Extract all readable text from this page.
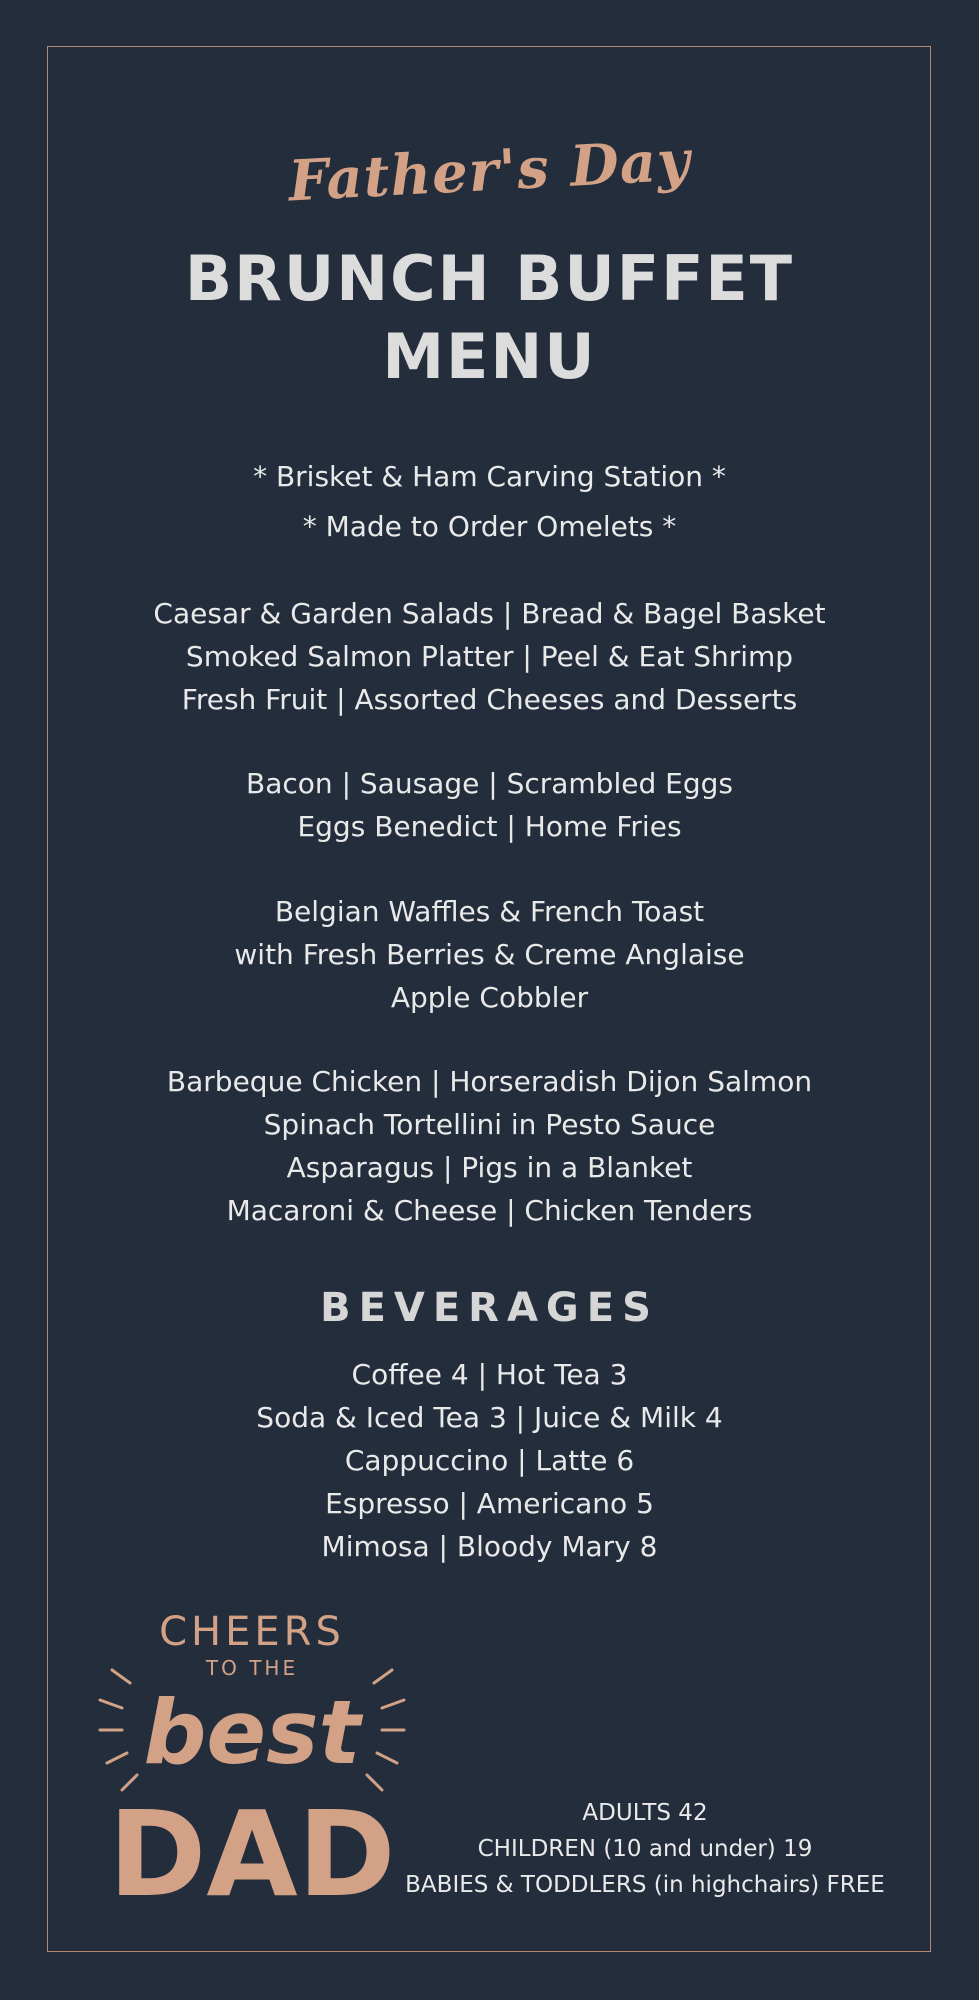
Father's Day
BRUNCH BUFFET
MENU
* Brisket & Ham Carving Station *
* Made to Order Omelets *
Caesar & Garden Salads | Bread & Bagel Basket
Smoked Salmon Platter | Peel & Eat Shrimp
Fresh Fruit | Assorted Cheeses and Desserts
Bacon | Sausage | Scrambled Eggs
Eggs Benedict | Home Fries
Belgian Waffles & French Toast
with Fresh Berries & Creme Anglaise
Apple Cobbler
Barbeque Chicken | Horseradish Dijon Salmon
Spinach Tortellini in Pesto Sauce
Asparagus | Pigs in a Blanket
Macaroni & Cheese | Chicken Tenders
BEVERAGES
Coffee 4 | Hot Tea 3
Soda & Iced Tea 3 | Juice & Milk 4
Cappuccino | Latte 6
Espresso | Americano 5
Mimosa | Bloody Mary 8
CHEERS
TO THE
best
DAD	ADULTS 42
CHILDREN (10 and under) 19
BABIES & TODDLERS (in highchairs) FREE
